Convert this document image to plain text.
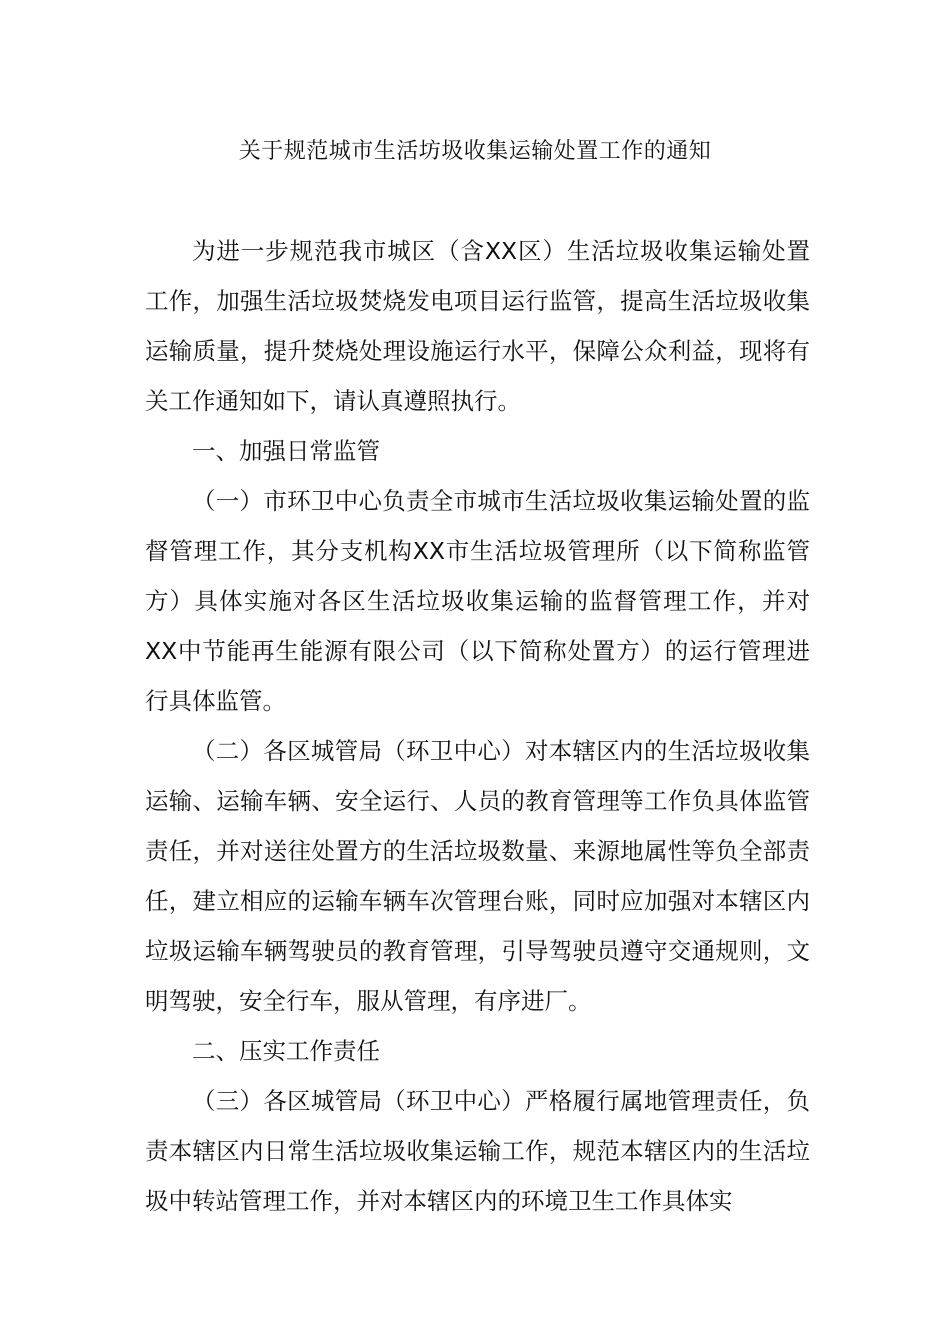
关于规范城市生活坊圾收集运输处置工作的通知

为进一步规范我市城区（含XX区）生活垃圾收集运输处置工作，加强生活垃圾焚烧发电项目运行监管，提高生活垃圾收集运输质量，提升焚烧处理设施运行水平，保障公众利益，现将有关工作通知如下，请认真遵照执行。

一、加强日常监管

（一）市环卫中心负责全市城市生活垃圾收集运输处置的监督管理工作，其分支机构XX市生活垃圾管理所（以下简称监管方）具体实施对各区生活垃圾收集运输的监督管理工作，并对XX中节能再生能源有限公司（以下简称处置方）的运行管理进行具体监管。

（二）各区城管局（环卫中心）对本辖区内的生活垃圾收集运输、运输车辆、安全运行、人员的教育管理等工作负具体监管责任，并对送往处置方的生活垃圾数量、来源地属性等负全部责任，建立相应的运输车辆车次管理台账，同时应加强对本辖区内垃圾运输车辆驾驶员的教育管理，引导驾驶员遵守交通规则，文明驾驶，安全行车，服从管理，有序进厂。

二、压实工作责任

（三）各区城管局（环卫中心）严格履行属地管理责任，负责本辖区内日常生活垃圾收集运输工作，规范本辖区内的生活垃圾中转站管理工作，并对本辖区内的环境卫生工作具体实
